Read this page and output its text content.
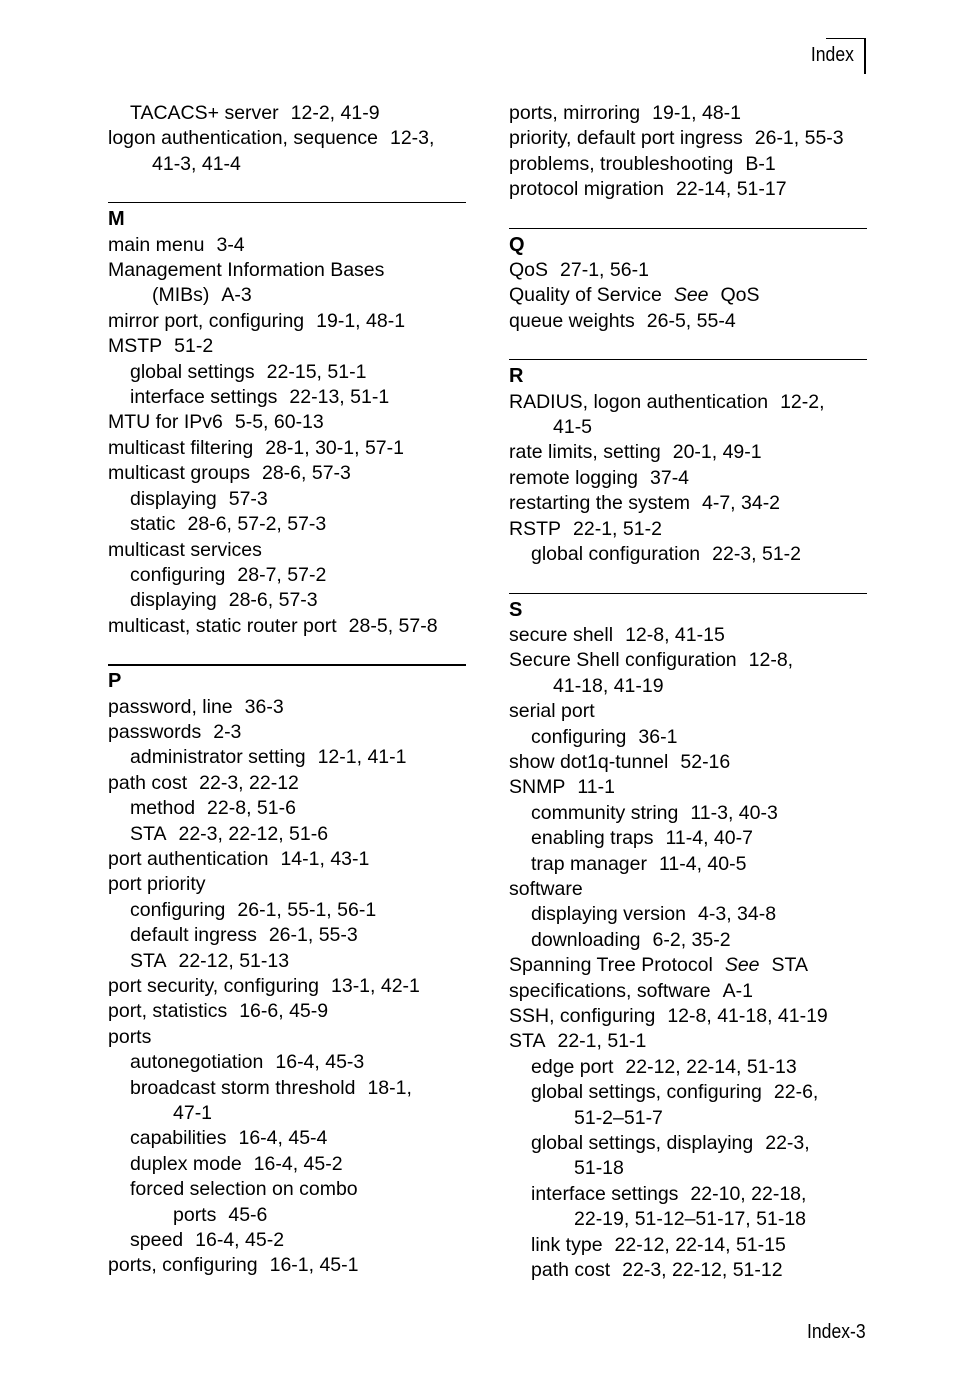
Index
TACACS+ server 12-2, 41-9
logon authentication, sequence 12-3,
41-3, 41-4
M
main menu 3-4
Management Information Bases
(MIBs) A-3
mirror port, configuring 19-1, 48-1
MSTP 51-2
global settings 22-15, 51-1
interface settings 22-13, 51-1
MTU for IPv6 5-5, 60-13
multicast filtering 28-1, 30-1, 57-1
multicast groups 28-6, 57-3
displaying 57-3
static 28-6, 57-2, 57-3
multicast services
configuring 28-7, 57-2
displaying 28-6, 57-3
multicast, static router port 28-5, 57-8
P
password, line 36-3
passwords 2-3
administrator setting 12-1, 41-1
path cost 22-3, 22-12
method 22-8, 51-6
STA 22-3, 22-12, 51-6
port authentication 14-1, 43-1
port priority
configuring 26-1, 55-1, 56-1
default ingress 26-1, 55-3
STA 22-12, 51-13
port security, configuring 13-1, 42-1
port, statistics 16-6, 45-9
ports
autonegotiation 16-4, 45-3
broadcast storm threshold 18-1,
47-1
capabilities 16-4, 45-4
duplex mode 16-4, 45-2
forced selection on combo
ports 45-6
speed 16-4, 45-2
ports, configuring 16-1, 45-1
ports, mirroring 19-1, 48-1
priority, default port ingress 26-1, 55-3
problems, troubleshooting B-1
protocol migration 22-14, 51-17
Q
QoS 27-1, 56-1
Quality of Service See QoS
queue weights 26-5, 55-4
R
RADIUS, logon authentication 12-2,
41-5
rate limits, setting 20-1, 49-1
remote logging 37-4
restarting the system 4-7, 34-2
RSTP 22-1, 51-2
global configuration 22-3, 51-2
S
secure shell 12-8, 41-15
Secure Shell configuration 12-8,
41-18, 41-19
serial port
configuring 36-1
show dot1q-tunnel 52-16
SNMP 11-1
community string 11-3, 40-3
enabling traps 11-4, 40-7
trap manager 11-4, 40-5
software
displaying version 4-3, 34-8
downloading 6-2, 35-2
Spanning Tree Protocol See STA
specifications, software A-1
SSH, configuring 12-8, 41-18, 41-19
STA 22-1, 51-1
edge port 22-12, 22-14, 51-13
global settings, configuring 22-6,
51-2–51-7
global settings, displaying 22-3,
51-18
interface settings 22-10, 22-18,
22-19, 51-12–51-17, 51-18
link type 22-12, 22-14, 51-15
path cost 22-3, 22-12, 51-12
Index-3
